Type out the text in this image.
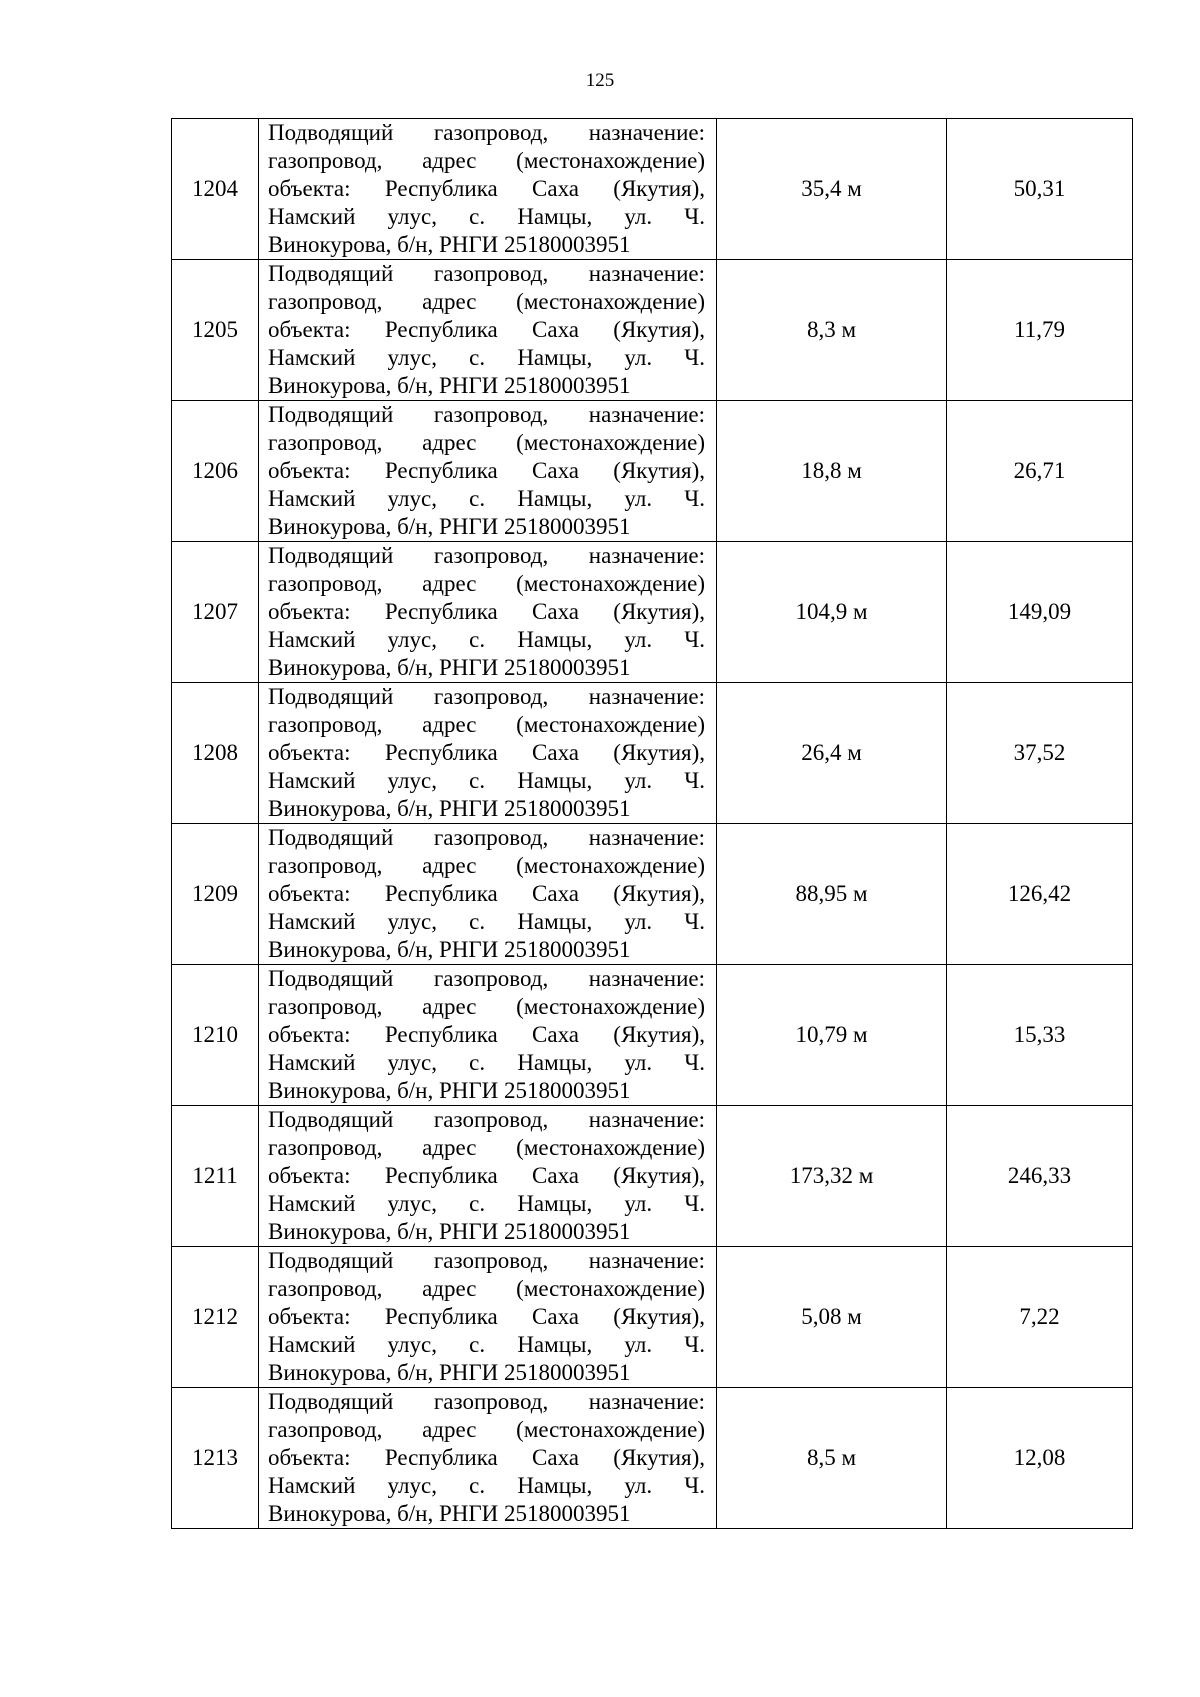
125
1204	Подводящий газопровод, назначение:
газопровод, адрес (местонахождение)
объекта: Республика Саха (Якутия),
Намский улус, с. Намцы, ул. Ч.
Винокурова, б/н, РНГИ 25180003951	35,4 м	50,31
1205	Подводящий газопровод, назначение:
газопровод, адрес (местонахождение)
объекта: Республика Саха (Якутия),
Намский улус, с. Намцы, ул. Ч.
Винокурова, б/н, РНГИ 25180003951	8,3 м	11,79
1206	Подводящий газопровод, назначение:
газопровод, адрес (местонахождение)
объекта: Республика Саха (Якутия),
Намский улус, с. Намцы, ул. Ч.
Винокурова, б/н, РНГИ 25180003951	18,8 м	26,71
1207	Подводящий газопровод, назначение:
газопровод, адрес (местонахождение)
объекта: Республика Саха (Якутия),
Намский улус, с. Намцы, ул. Ч.
Винокурова, б/н, РНГИ 25180003951	104,9 м	149,09
1208	Подводящий газопровод, назначение:
газопровод, адрес (местонахождение)
объекта: Республика Саха (Якутия),
Намский улус, с. Намцы, ул. Ч.
Винокурова, б/н, РНГИ 25180003951	26,4 м	37,52
1209	Подводящий газопровод, назначение:
газопровод, адрес (местонахождение)
объекта: Республика Саха (Якутия),
Намский улус, с. Намцы, ул. Ч.
Винокурова, б/н, РНГИ 25180003951	88,95 м	126,42
1210	Подводящий газопровод, назначение:
газопровод, адрес (местонахождение)
объекта: Республика Саха (Якутия),
Намский улус, с. Намцы, ул. Ч.
Винокурова, б/н, РНГИ 25180003951	10,79 м	15,33
1211	Подводящий газопровод, назначение:
газопровод, адрес (местонахождение)
объекта: Республика Саха (Якутия),
Намский улус, с. Намцы, ул. Ч.
Винокурова, б/н, РНГИ 25180003951	173,32 м	246,33
1212	Подводящий газопровод, назначение:
газопровод, адрес (местонахождение)
объекта: Республика Саха (Якутия),
Намский улус, с. Намцы, ул. Ч.
Винокурова, б/н, РНГИ 25180003951	5,08 м	7,22
1213	Подводящий газопровод, назначение:
газопровод, адрес (местонахождение)
объекта: Республика Саха (Якутия),
Намский улус, с. Намцы, ул. Ч.
Винокурова, б/н, РНГИ 25180003951	8,5 м	12,08
